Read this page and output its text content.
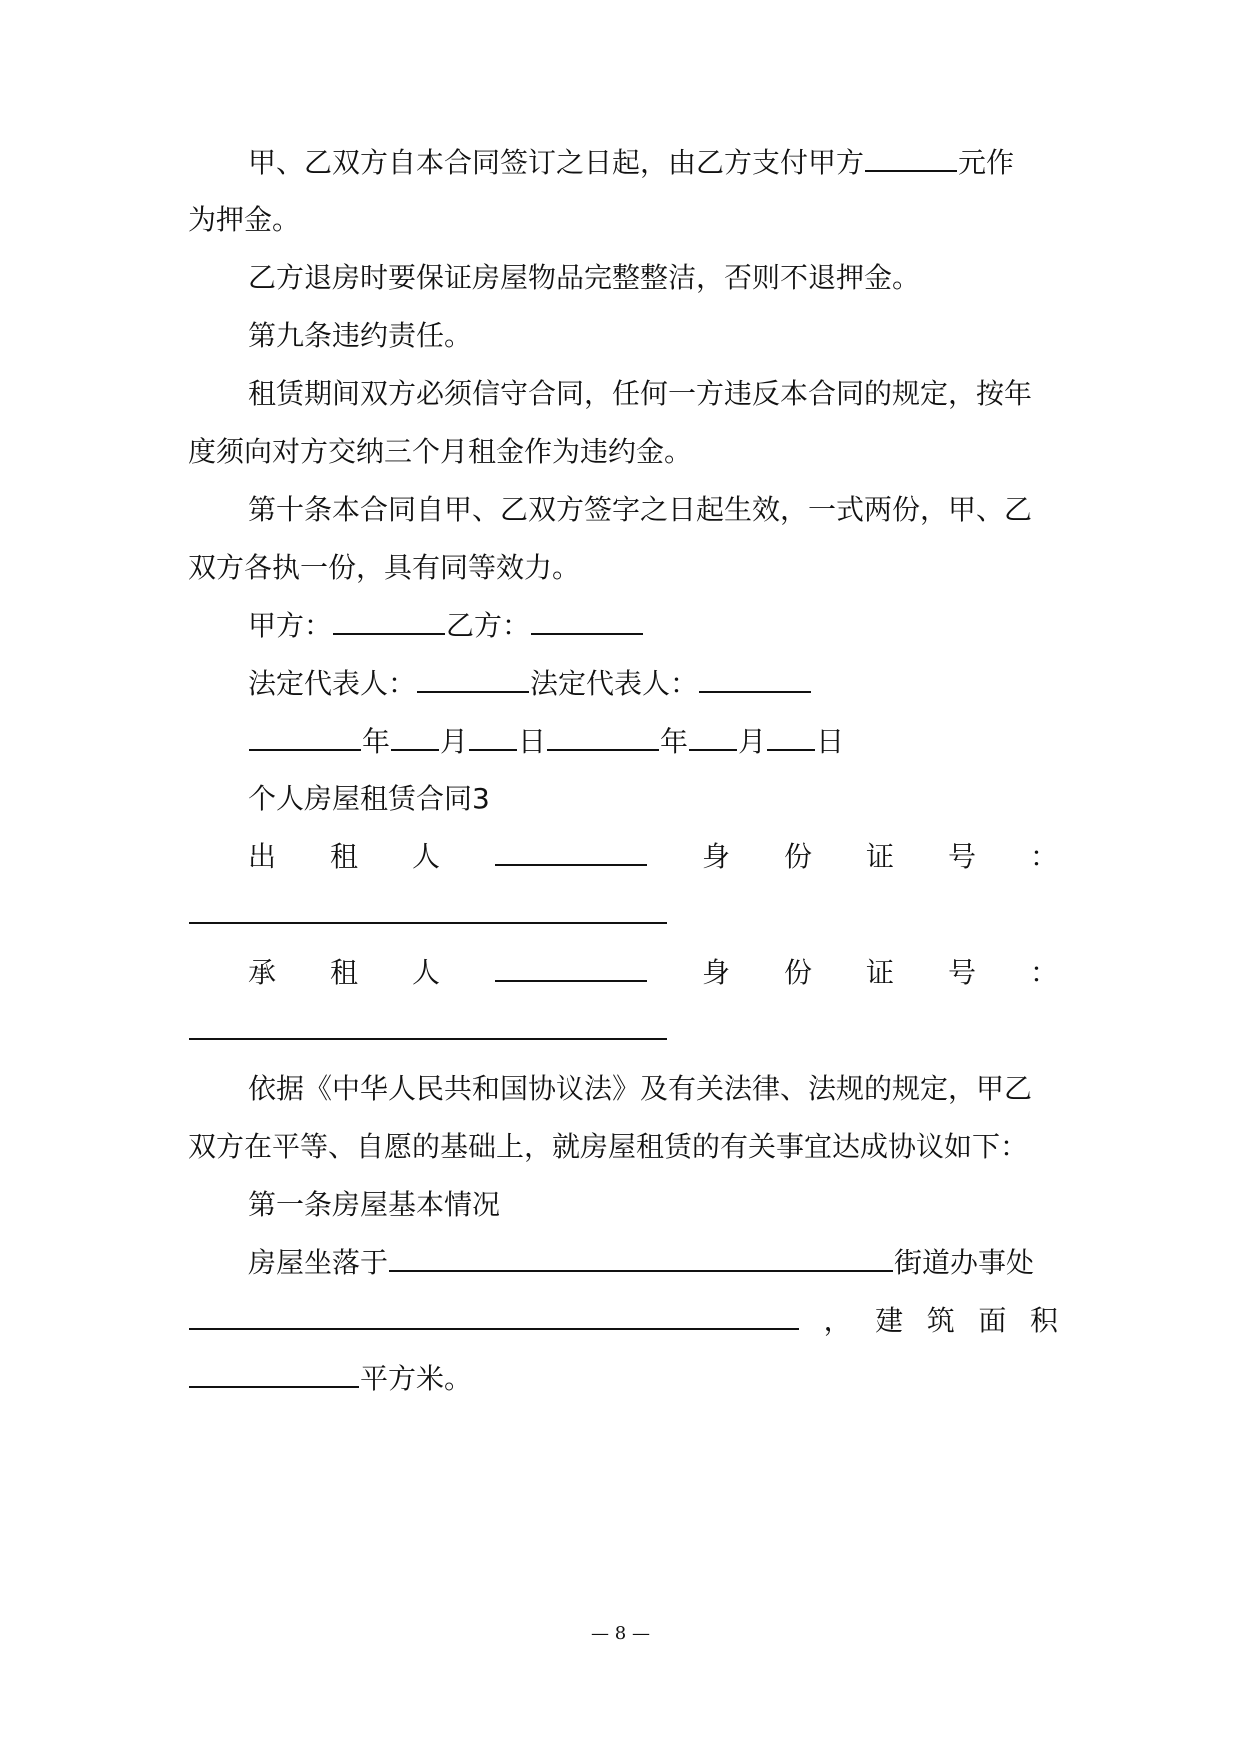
甲、乙双方自本合同签订之日起，由乙方支付甲方	元作
为押金。
乙方退房时要保证房屋物品完整整洁，否则不退押金。
第九条违约责任。
租赁期间双方必须信守合同，任何一方违反本合同的规定，按年
度须向对方交纳三个月租金作为违约金。
第十条本合同自甲、乙双方签字之日起生效，一式两份，甲、乙
双方各执一份，具有同等效力。
甲方：	乙方：
法定代表人：	法定代表人：
年 月 日	年 月 日
个人房屋租赁合同3
出 租 人	身 份 证 号 ：
承 租 人	身 份 证 号 ：
依据《中华人民共和国协议法》及有关法律、法规的规定，甲乙
双方在平等、自愿的基础上，就房屋租赁的有关事宜达成协议如下：
第一条房屋基本情况
房屋坐落于	街道办事处
， 建 筑 面 积
平方米。
— 8 —
